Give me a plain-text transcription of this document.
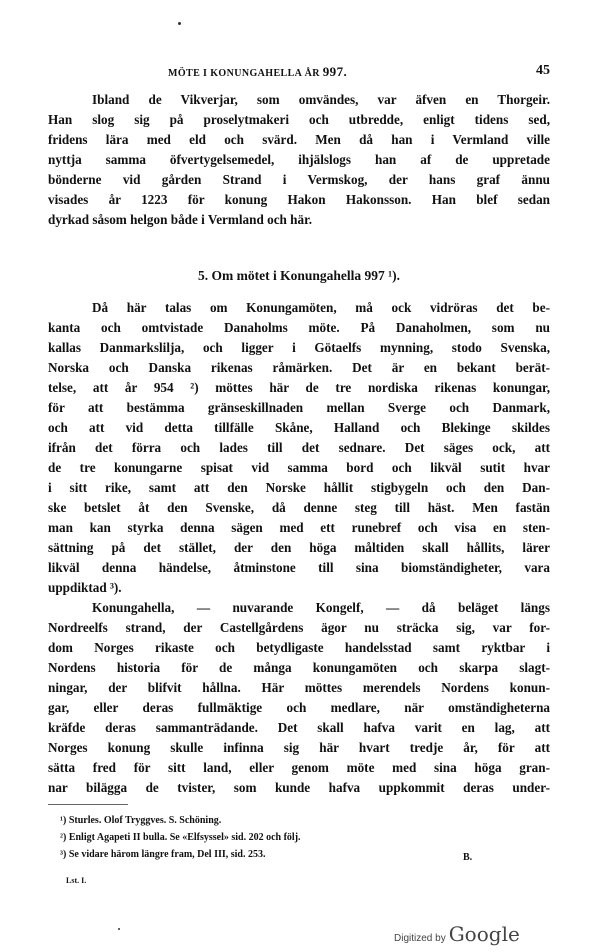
MÖTE I KONUNGAHELLA ÅR 997.	45
Ibland de Vikverjar, som omvändes, var äfven en Thorgeir.
Han slog sig på proselytmakeri och utbredde, enligt tidens sed,
fridens lära med eld och svärd. Men då han i Vermland ville
nyttja samma öfvertygelsemedel, ihjälslogs han af de uppretade
bönderne vid gården Strand i Vermskog, der hans graf ännu
visades år 1223 för konung Hakon Hakonsson. Han blef sedan
dyrkad såsom helgon både i Vermland och här.
5. Om mötet i Konungahella 997 ¹).
Då här talas om Konungamöten, må ock vidröras det be-
kanta och omtvistade Danaholms möte. På Danaholmen, som nu
kallas Danmarkslilja, och ligger i Götaelfs mynning, stodo Svenska,
Norska och Danska rikenas råmärken. Det är en bekant berät-
telse, att år 954 ²) möttes här de tre nordiska rikenas konungar,
för att bestämma gränseskillnaden mellan Sverge och Danmark,
och att vid detta tillfälle Skåne, Halland och Blekinge skildes
ifrån det förra och lades till det sednare. Det säges ock, att
de tre konungarne spisat vid samma bord och likväl sutit hvar
i sitt rike, samt att den Norske hållit stigbygeln och den Dan-
ske betslet åt den Svenske, då denne steg till häst. Men fastän
man kan styrka denna sägen med ett runebref och visa en sten-
sättning på det stället, der den höga måltiden skall hållits, lärer
likväl denna händelse, åtminstone till sina biomständigheter, vara
uppdiktad ³).
Konungahella, — nuvarande Kongelf, — då beläget längs
Nordreelfs strand, der Castellgårdens ägor nu sträcka sig, var for-
dom Norges rikaste och betydligaste handelsstad samt ryktbar i
Nordens historia för de många konungamöten och skarpa slagt-
ningar, der blifvit hållna. Här möttes merendels Nordens konun-
gar, eller deras fullmäktige och medlare, när omständigheterna
kräfde deras sammanträdande. Det skall hafva varit en lag, att
Norges konung skulle infinna sig här hvart tredje år, för att
sätta fred för sitt land, eller genom möte med sina höga gran-
nar bilägga de tvister, som kunde hafva uppkommit deras under-
¹) Sturles. Olof Tryggves. S. Schöning.
²) Enligt Agapeti II bulla. Se «Elfsyssel» sid. 202 och följ.
³) Se vidare härom längre fram, Del III, sid. 253.	B.
Lst. I.
Digitized by Google
